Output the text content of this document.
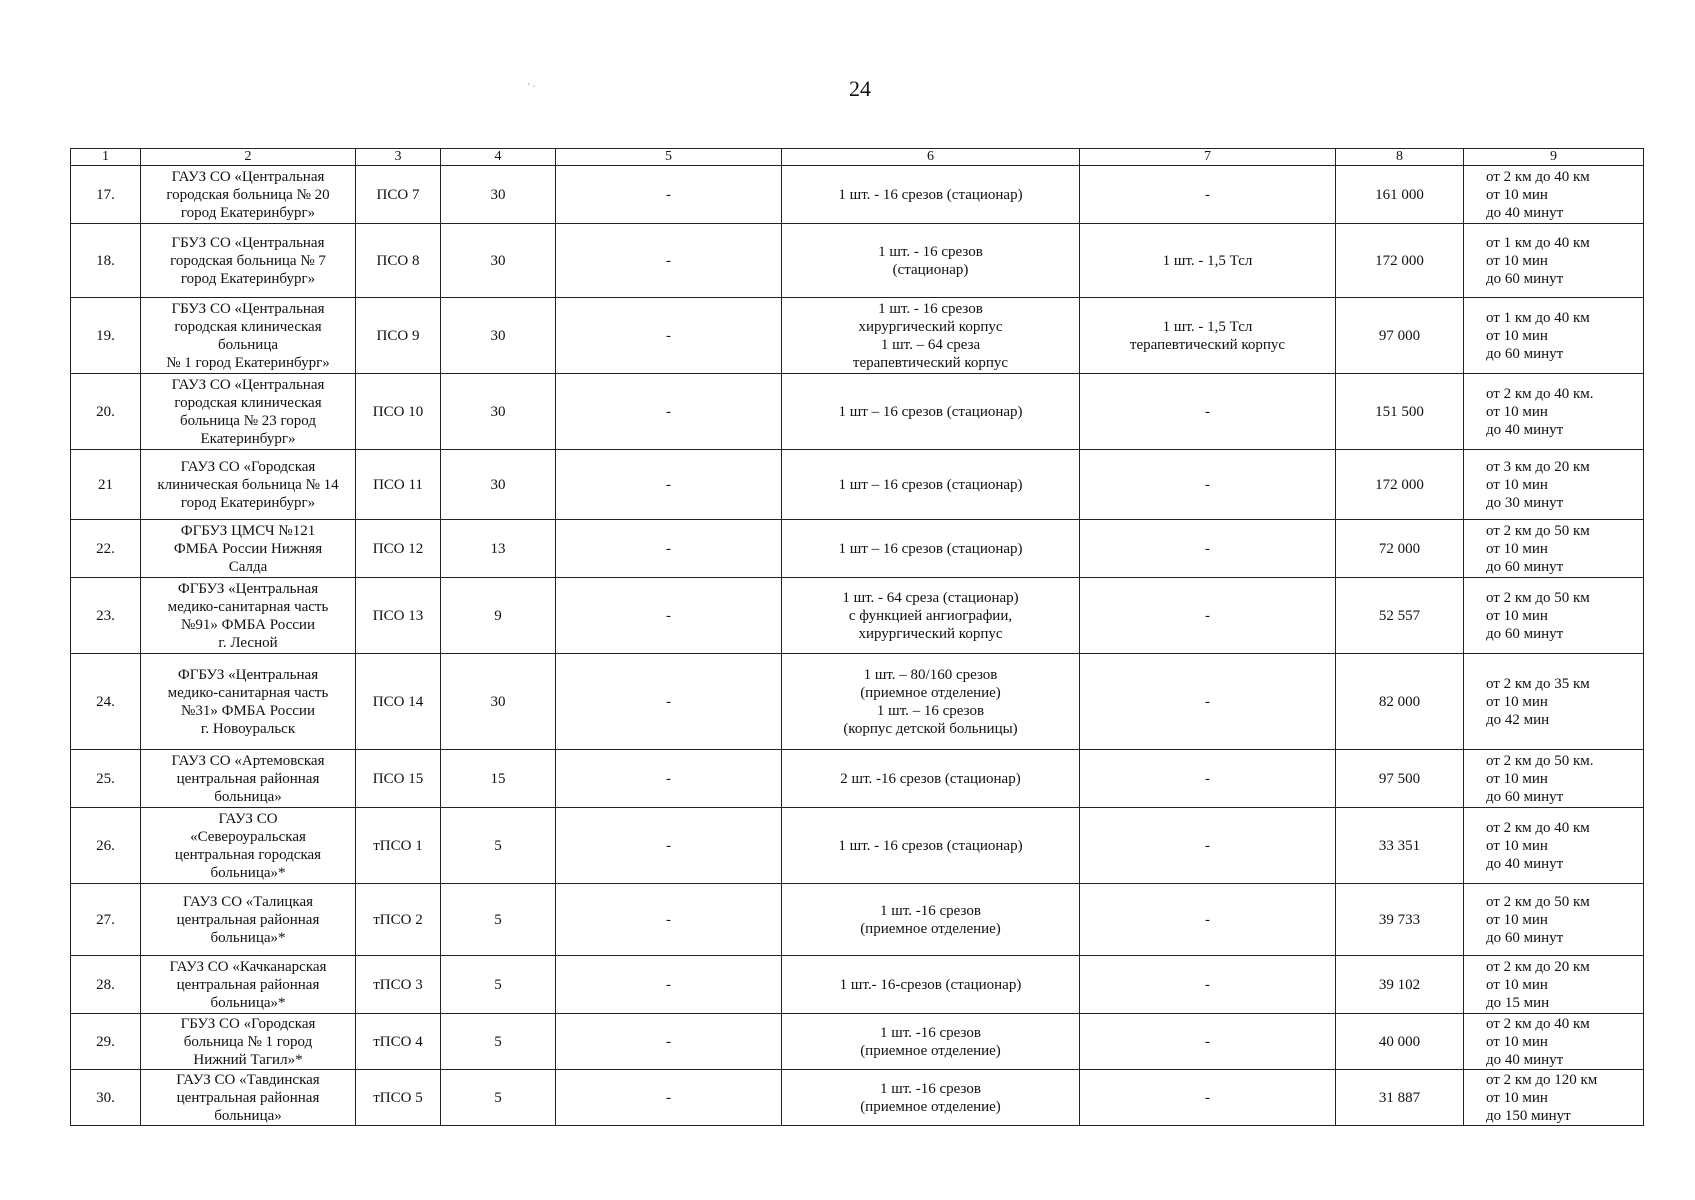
24
' ·
1	2	3	4	5	6	7	8	9
17.	ГАУЗ СО «Центральная
городская больница № 20
город Екатеринбург»	ПСО 7	30	-	1 шт. - 16 срезов (стационар)	-	161 000	от 2 км до 40 км
от 10 мин
до 40 минут
18.	ГБУЗ СО «Центральная
городская больница № 7
город Екатеринбург»	ПСО 8	30	-	1 шт. - 16 срезов
(стационар)	1 шт. - 1,5 Тсл	172 000	от 1 км до 40 км
от 10 мин
до 60 минут
19.	ГБУЗ СО «Центральная
городская клиническая
больница
№ 1 город Екатеринбург»	ПСО 9	30	-	1 шт. - 16 срезов
хирургический корпус
1 шт. – 64 среза
терапевтический корпус	1 шт. - 1,5 Тсл
терапевтический корпус	97 000	от 1 км до 40 км
от 10 мин
до 60 минут
20.	ГАУЗ СО «Центральная
городская клиническая
больница № 23 город
Екатеринбург»	ПСО 10	30	-	1 шт – 16 срезов (стационар)	-	151 500	от 2 км до 40 км.
от 10 мин
до 40 минут
21	ГАУЗ СО «Городская
клиническая больница № 14
город Екатеринбург»	ПСО 11	30	-	1 шт – 16 срезов (стационар)	-	172 000	от 3 км до 20 км
от 10 мин
до 30 минут
22.	ФГБУЗ ЦМСЧ №121
ФМБА России Нижняя
Салда	ПСО 12	13	-	1 шт – 16 срезов (стационар)	-	72 000	от 2 км до 50 км
от 10 мин
до 60 минут
23.	ФГБУЗ «Центральная
медико-санитарная часть
№91» ФМБА России
г. Лесной	ПСО 13	9	-	1 шт. - 64 среза (стационар)
с функцией ангиографии,
хирургический корпус	-	52 557	от 2 км до 50 км
от 10 мин
до 60 минут
24.	ФГБУЗ «Центральная
медико-санитарная часть
№31» ФМБА России
г. Новоуральск	ПСО 14	30	-	1 шт. – 80/160 срезов
(приемное отделение)
1 шт. – 16 срезов
(корпус детской больницы)	-	82 000	от 2 км до 35 км
от 10 мин
до 42 мин
25.	ГАУЗ СО «Артемовская
центральная районная
больница»	ПСО 15	15	-	2 шт. -16 срезов (стационар)	-	97 500	от 2 км до 50 км.
от 10 мин
до 60 минут
26.	ГАУЗ СО
«Североуральская
центральная городская
больница»*	тПСО 1	5	-	1 шт. - 16 срезов (стационар)	-	33 351	от 2 км до 40 км
от 10 мин
до 40 минут
27.	ГАУЗ СО «Талицкая
центральная районная
больница»*	тПСО 2	5	-	1 шт. -16 срезов
(приемное отделение)	-	39 733	от 2 км до 50 км
от 10 мин
до 60 минут
28.	ГАУЗ СО «Качканарская
центральная районная
больница»*	тПСО 3	5	-	1 шт.- 16-срезов (стационар)	-	39 102	от 2 км до 20 км
от 10 мин
до 15 мин
29.	ГБУЗ СО «Городская
больница № 1 город
Нижний Тагил»*	тПСО 4	5	-	1 шт. -16 срезов
(приемное отделение)	-	40 000	от 2 км до 40 км
от 10 мин
до 40 минут
30.	ГАУЗ СО «Тавдинская
центральная районная
больница»	тПСО 5	5	-	1 шт. -16 срезов
(приемное отделение)	-	31 887	от 2 км до 120 км
от 10 мин
до 150 минут
